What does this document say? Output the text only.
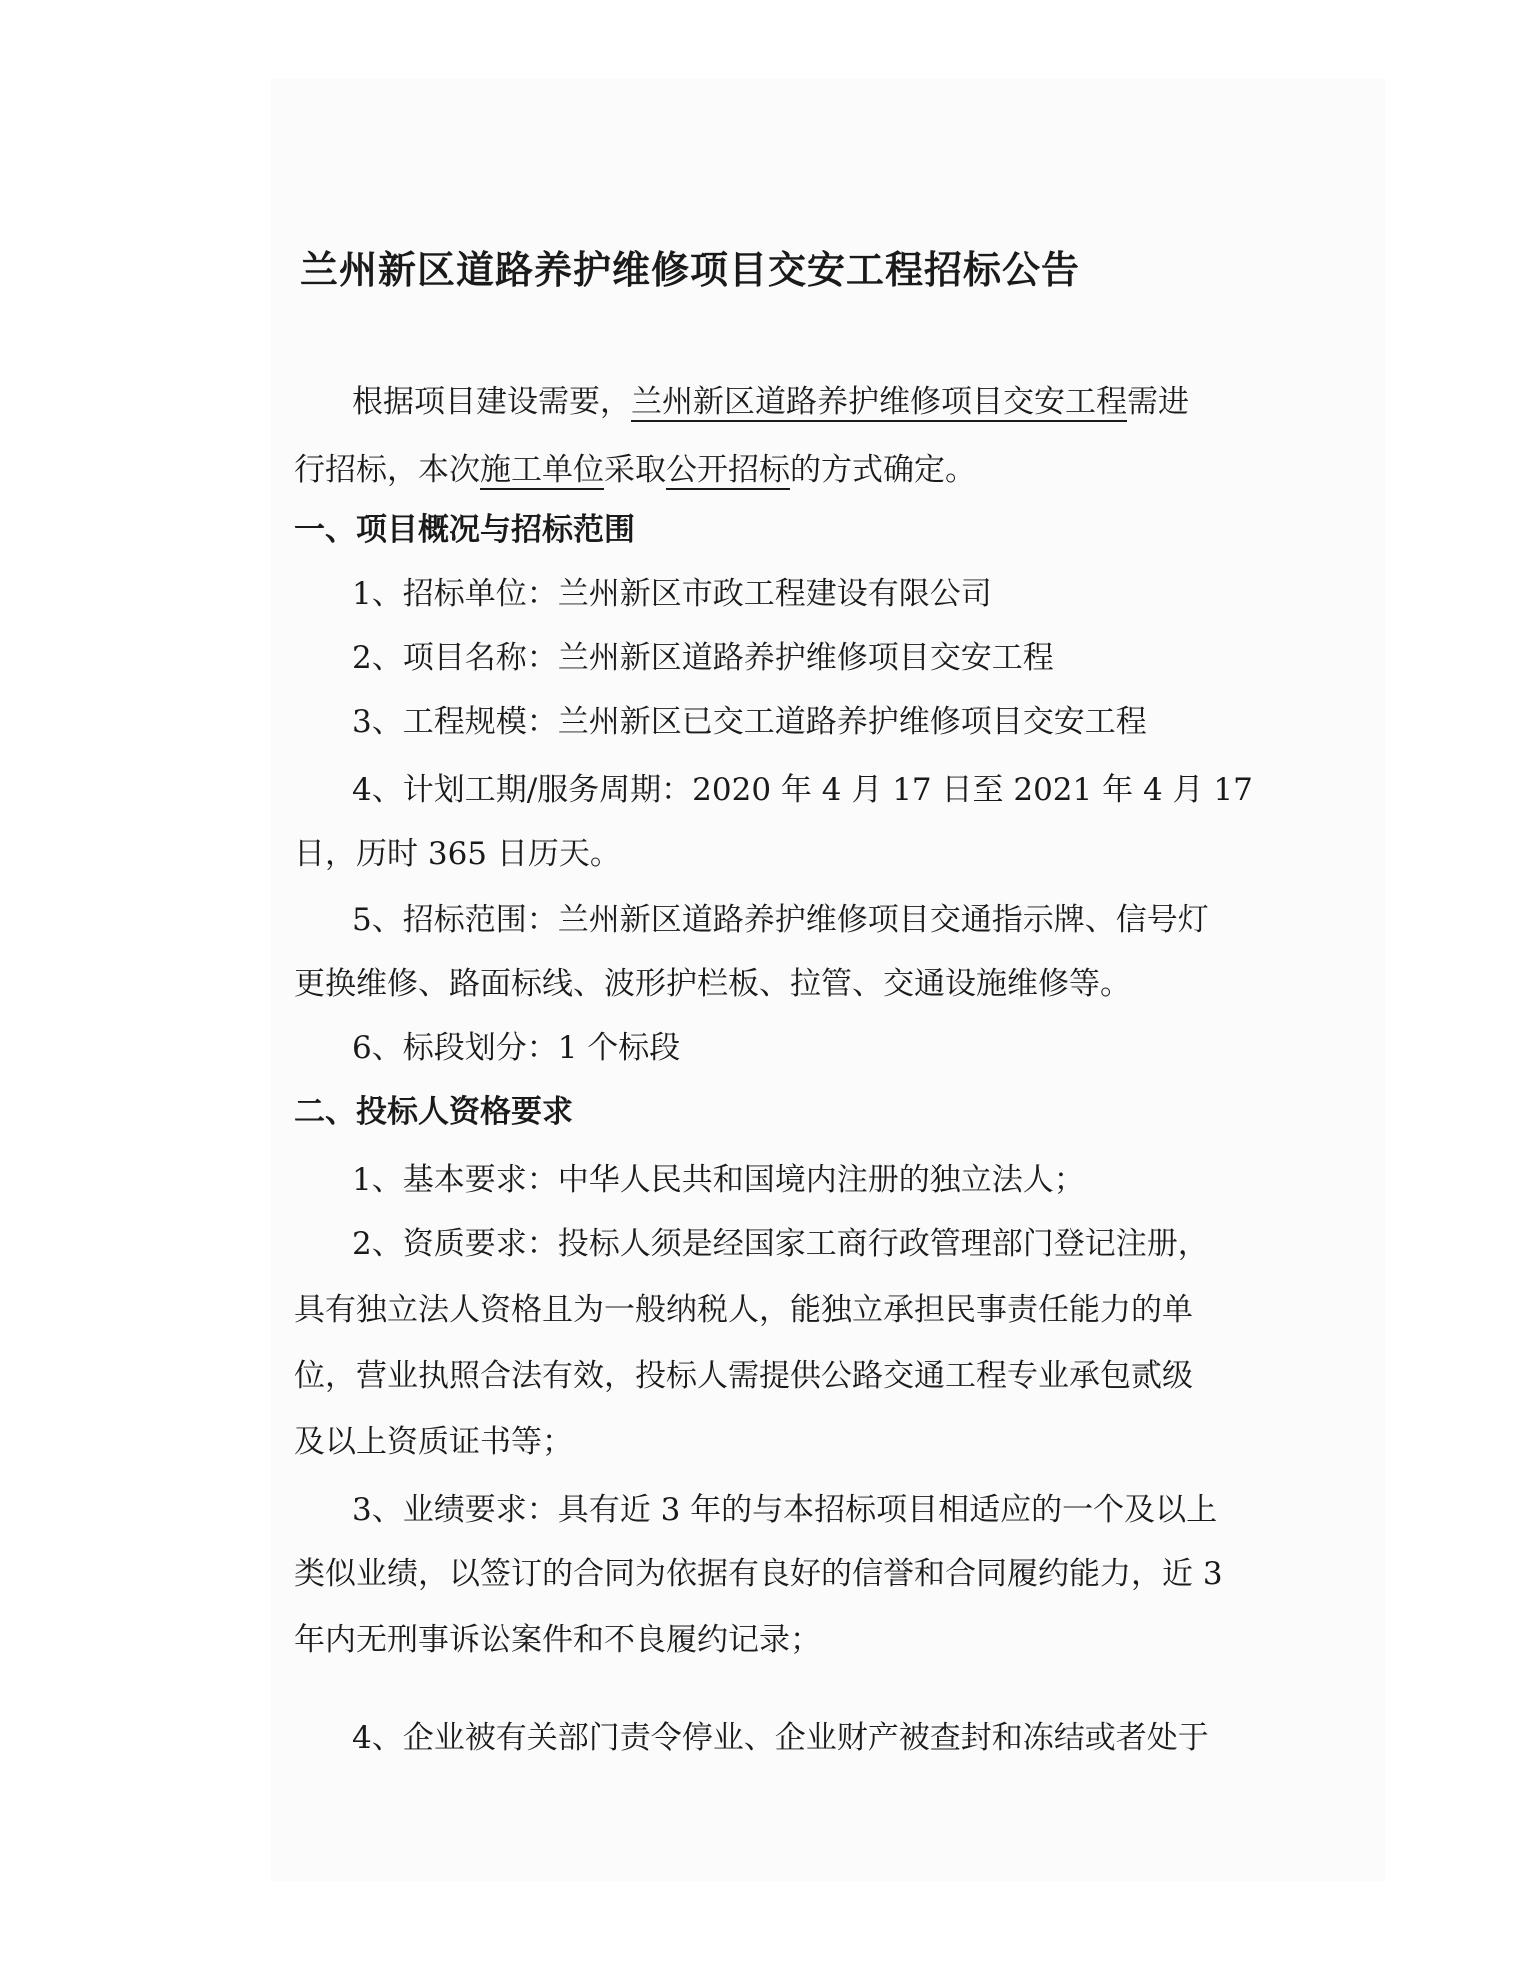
兰州新区道路养护维修项目交安工程招标公告
根据项目建设需要，兰州新区道路养护维修项目交安工程需进
行招标，本次施工单位采取公开招标的方式确定。
一、项目概况与招标范围
1、招标单位：兰州新区市政工程建设有限公司
2、项目名称：兰州新区道路养护维修项目交安工程
3、工程规模：兰州新区已交工道路养护维修项目交安工程
4、计划工期/服务周期：2020 年 4 月 17 日至 2021 年 4 月 17
日，历时 365 日历天。
5、招标范围：兰州新区道路养护维修项目交通指示牌、信号灯
更换维修、路面标线、波形护栏板、拉管、交通设施维修等。
6、标段划分：1 个标段
二、投标人资格要求
1、基本要求：中华人民共和国境内注册的独立法人；
2、资质要求：投标人须是经国家工商行政管理部门登记注册，
具有独立法人资格且为一般纳税人，能独立承担民事责任能力的单
位，营业执照合法有效，投标人需提供公路交通工程专业承包贰级
及以上资质证书等；
3、业绩要求：具有近 3 年的与本招标项目相适应的一个及以上
类似业绩，以签订的合同为依据有良好的信誉和合同履约能力，近 3
年内无刑事诉讼案件和不良履约记录；
4、企业被有关部门责令停业、企业财产被查封和冻结或者处于
